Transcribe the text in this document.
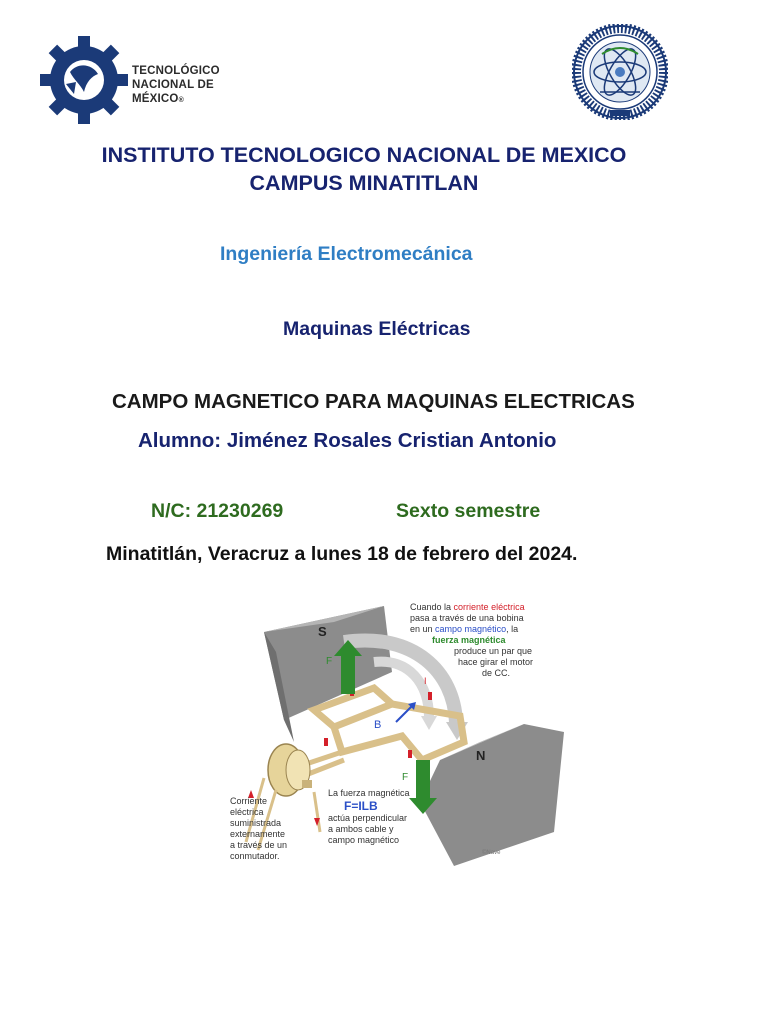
TECNOLÓGICO
NACIONAL DE MÉXICO®
INSTITUTO TECNOLOGICO NACIONAL DE MEXICO
CAMPUS MINATITLAN
Ingeniería Electromecánica
Maquinas Eléctricas
CAMPO MAGNETICO PARA MAQUINAS ELECTRICAS
Alumno: Jiménez Rosales Cristian Antonio
N/C: 21230269	Sexto semestre
Minatitlán, Veracruz a lunes 18 de febrero del 2024.
S
N
B
F
F
I
Cuando la corriente eléctrica
pasa a través de una bobina
en un campo magnético, la
fuerza magnética
produce un par que
hace girar el motor
de CC.
Corriente
eléctrica
suministrada
externamente
a través de un
conmutador.
La fuerza magnética
F=ILB
actúa perpendicular
a ambos cable y
campo magnético
©Nave
